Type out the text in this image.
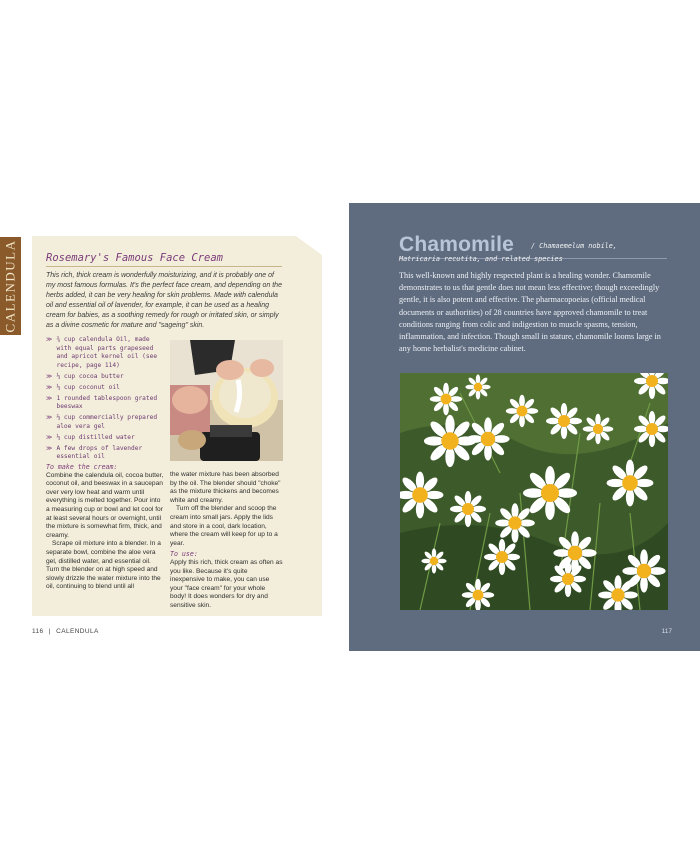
CALENDULA	Rosemary's Famous Face Cream
This rich, thick cream is wonderfully moisturizing, and it is probably one of my most famous formulas. It's the perfect face cream, and depending on the herbs added, it can be very healing for skin problems. Made with calendula oil and essential oil of lavender, for example, it can be used as a healing cream for babies, as a soothing remedy for rough or irritated skin, or simply as a divine cosmetic for mature and "sageing" skin.
≫ ¾ cup calendula Oil, made with equal parts grapeseed and apricot kernel oil (see recipe, page 114)
≫ ⅓ cup cocoa butter
≫ ⅓ cup coconut oil
≫ 1 rounded tablespoon grated beeswax
≫ ⅔ cup commercially prepared aloe vera gel
≫ ⅓ cup distilled water
≫ A few drops of lavender essential oil
To make the cream:

Combine the calendula oil, cocoa butter, coconut oil, and beeswax in a saucepan over very low heat and warm until everything is melted together. Pour into a measuring cup or bowl and let cool for at least several hours or overnight, until the mixture is somewhat firm, thick, and creamy.

Scrape oil mixture into a blender. In a separate bowl, combine the aloe vera gel, distilled water, and essential oil. Turn the blender on at high speed and slowly drizzle the water mixture into the oil, continuing to blend until all

the water mixture has been absorbed by the oil. The blender should "choke" as the mixture thickens and becomes white and creamy.

Turn off the blender and scoop the cream into small jars. Apply the lids and store in a cool, dark location, where the cream will keep for up to a year.

To use:

Apply this rich, thick cream as often as you like. Because it's quite inexpensive to make, you can use your "face cream" for your whole body! It does wonders for dry and sensitive skin.

116 | CALENDULA
Chamomile	/ Chamaemelum nobile,
Matricaria recutita, and related species
This well-known and highly respected plant is a healing wonder. Chamomile demonstrates to us that gentle does not mean less effective; though exceedingly gentle, it is also potent and effective. The pharmacopoeias (official medical documents or authorities) of 28 countries have approved chamomile to treat conditions ranging from colic and indigestion to muscle spasms, tension, inflammation, and infection. Though small in stature, chamomile looms large in any home herbalist's medicine cabinet.
117
